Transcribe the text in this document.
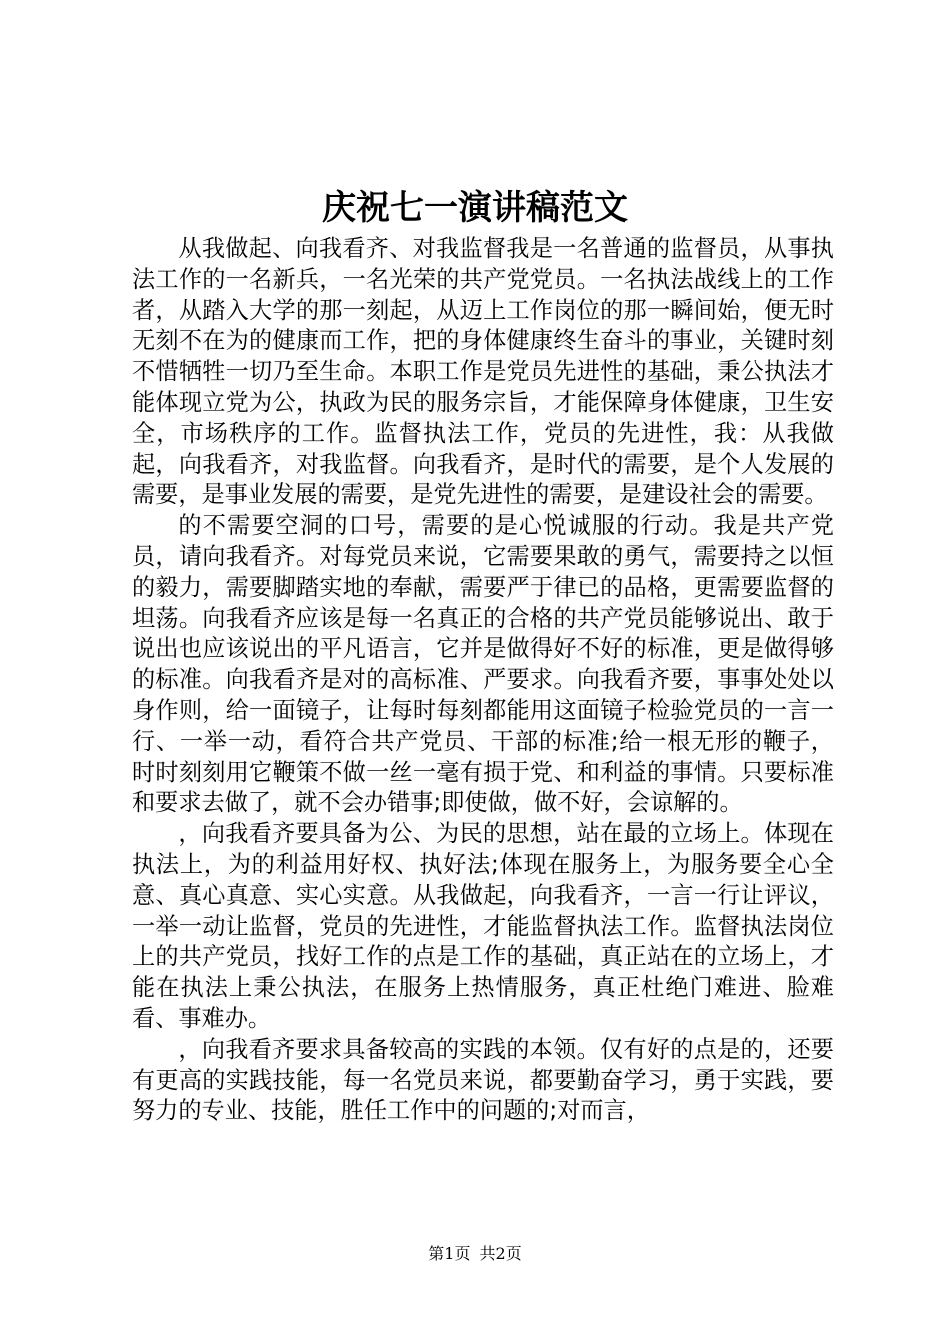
庆祝七一演讲稿范文

从我做起、向我看齐、对我监督我是一名普通的监督员，从事执法工作的一名新兵，一名光荣的共产党党员。一名执法战线上的工作者，从踏入大学的那一刻起，从迈上工作岗位的那一瞬间始，便无时无刻不在为的健康而工作，把的身体健康终生奋斗的事业，关键时刻不惜牺牲一切乃至生命。本职工作是党员先进性的基础，秉公执法才能体现立党为公，执政为民的服务宗旨，才能保障身体健康，卫生安全，市场秩序的工作。监督执法工作，党员的先进性，我：从我做起，向我看齐，对我监督。向我看齐，是时代的需要，是个人发展的需要，是事业发展的需要，是党先进性的需要，是建设社会的需要。

的不需要空洞的口号，需要的是心悦诚服的行动。我是共产党员，请向我看齐。对每党员来说，它需要果敢的勇气，需要持之以恒的毅力，需要脚踏实地的奉献，需要严于律已的品格，更需要监督的坦荡。向我看齐应该是每一名真正的合格的共产党员能够说出、敢于说出也应该说出的平凡语言，它并是做得好不好的标准，更是做得够的标准。向我看齐是对的高标准、严要求。向我看齐要，事事处处以身作则，给一面镜子，让每时每刻都能用这面镜子检验党员的一言一行、一举一动，看符合共产党员、干部的标准;给一根无形的鞭子，时时刻刻用它鞭策不做一丝一毫有损于党、和利益的事情。只要标准和要求去做了，就不会办错事;即使做，做不好，会谅解的。

，向我看齐要具备为公、为民的思想，站在最的立场上。体现在执法上，为的利益用好权、执好法;体现在服务上，为服务要全心全意、真心真意、实心实意。从我做起，向我看齐，一言一行让评议，一举一动让监督，党员的先进性，才能监督执法工作。监督执法岗位上的共产党员，找好工作的点是工作的基础，真正站在的立场上，才能在执法上秉公执法，在服务上热情服务，真正杜绝门难进、脸难看、事难办。

，向我看齐要求具备较高的实践的本领。仅有好的点是的，还要有更高的实践技能，每一名党员来说，都要勤奋学习，勇于实践，要努力的专业、技能，胜任工作中的问题的;对而言，

第1页 共2页
